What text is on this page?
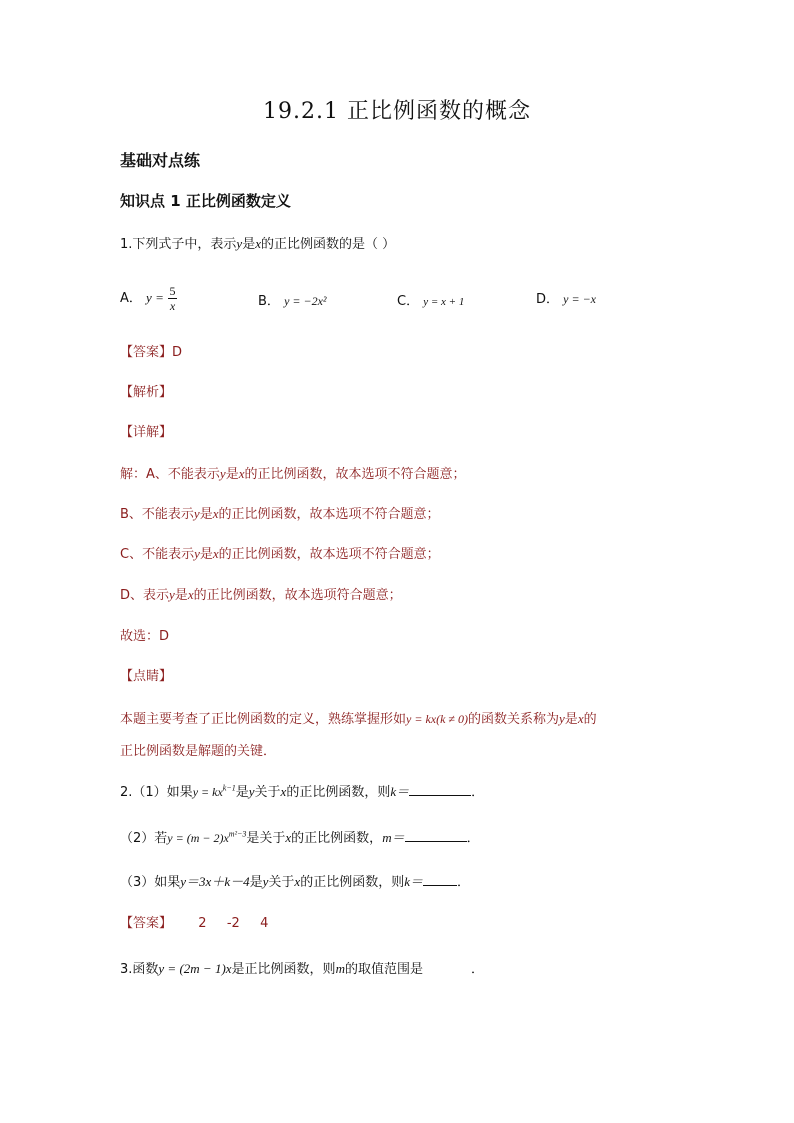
19.2.1 正比例函数的概念
基础对点练
知识点 1 正比例函数定义
1.下列式子中，表示y是x的正比例函数的是（ ）
A． $y = \frac{5}{x}$	B． y = −2x²	C． y = x + 1	D． y = −x
【答案】D
【解析】
【详解】
解：A、不能表示y是x的正比例函数，故本选项不符合题意；
B、不能表示y是x的正比例函数，故本选项不符合题意；
C、不能表示y是x的正比例函数，故本选项不符合题意；
D、表示y是x的正比例函数，故本选项符合题意；
故选：D
【点睛】
本题主要考查了正比例函数的定义，熟练掌握形如y = kx(k ≠ 0)的函数关系称为y是x的
正比例函数是解题的关键．
2.（1）如果$y = kx^{k-1}$是y关于x的正比例函数，则k＝	．
（2）若$y = (m - 2)x^{m^2-3}$是关于x的正比例函数，m＝	．
（3）如果y＝3x＋k－4是y关于x的正比例函数，则k＝	．
【答案】 2 -2 4
3.函数y = (2m − 1)x是正比例函数，则m的取值范围是	．
